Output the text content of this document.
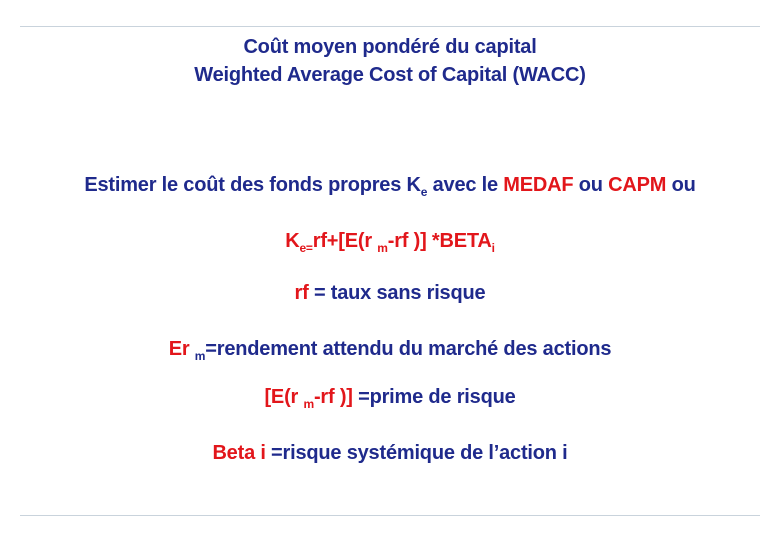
Coût moyen pondéré du capital
Weighted Average Cost of Capital (WACC)
Estimer le coût des fonds propres $K_e$ avec le MEDAF ou CAPM ou
$K_{e=}rf+[E(r$ $_m$-rf )] $*BETA_i$
rf = taux sans risque
Er $_m$=rendement attendu du marché des actions
[E(r $_m$-rf )] =prime de risque
Beta i =risque systémique de l’action i
